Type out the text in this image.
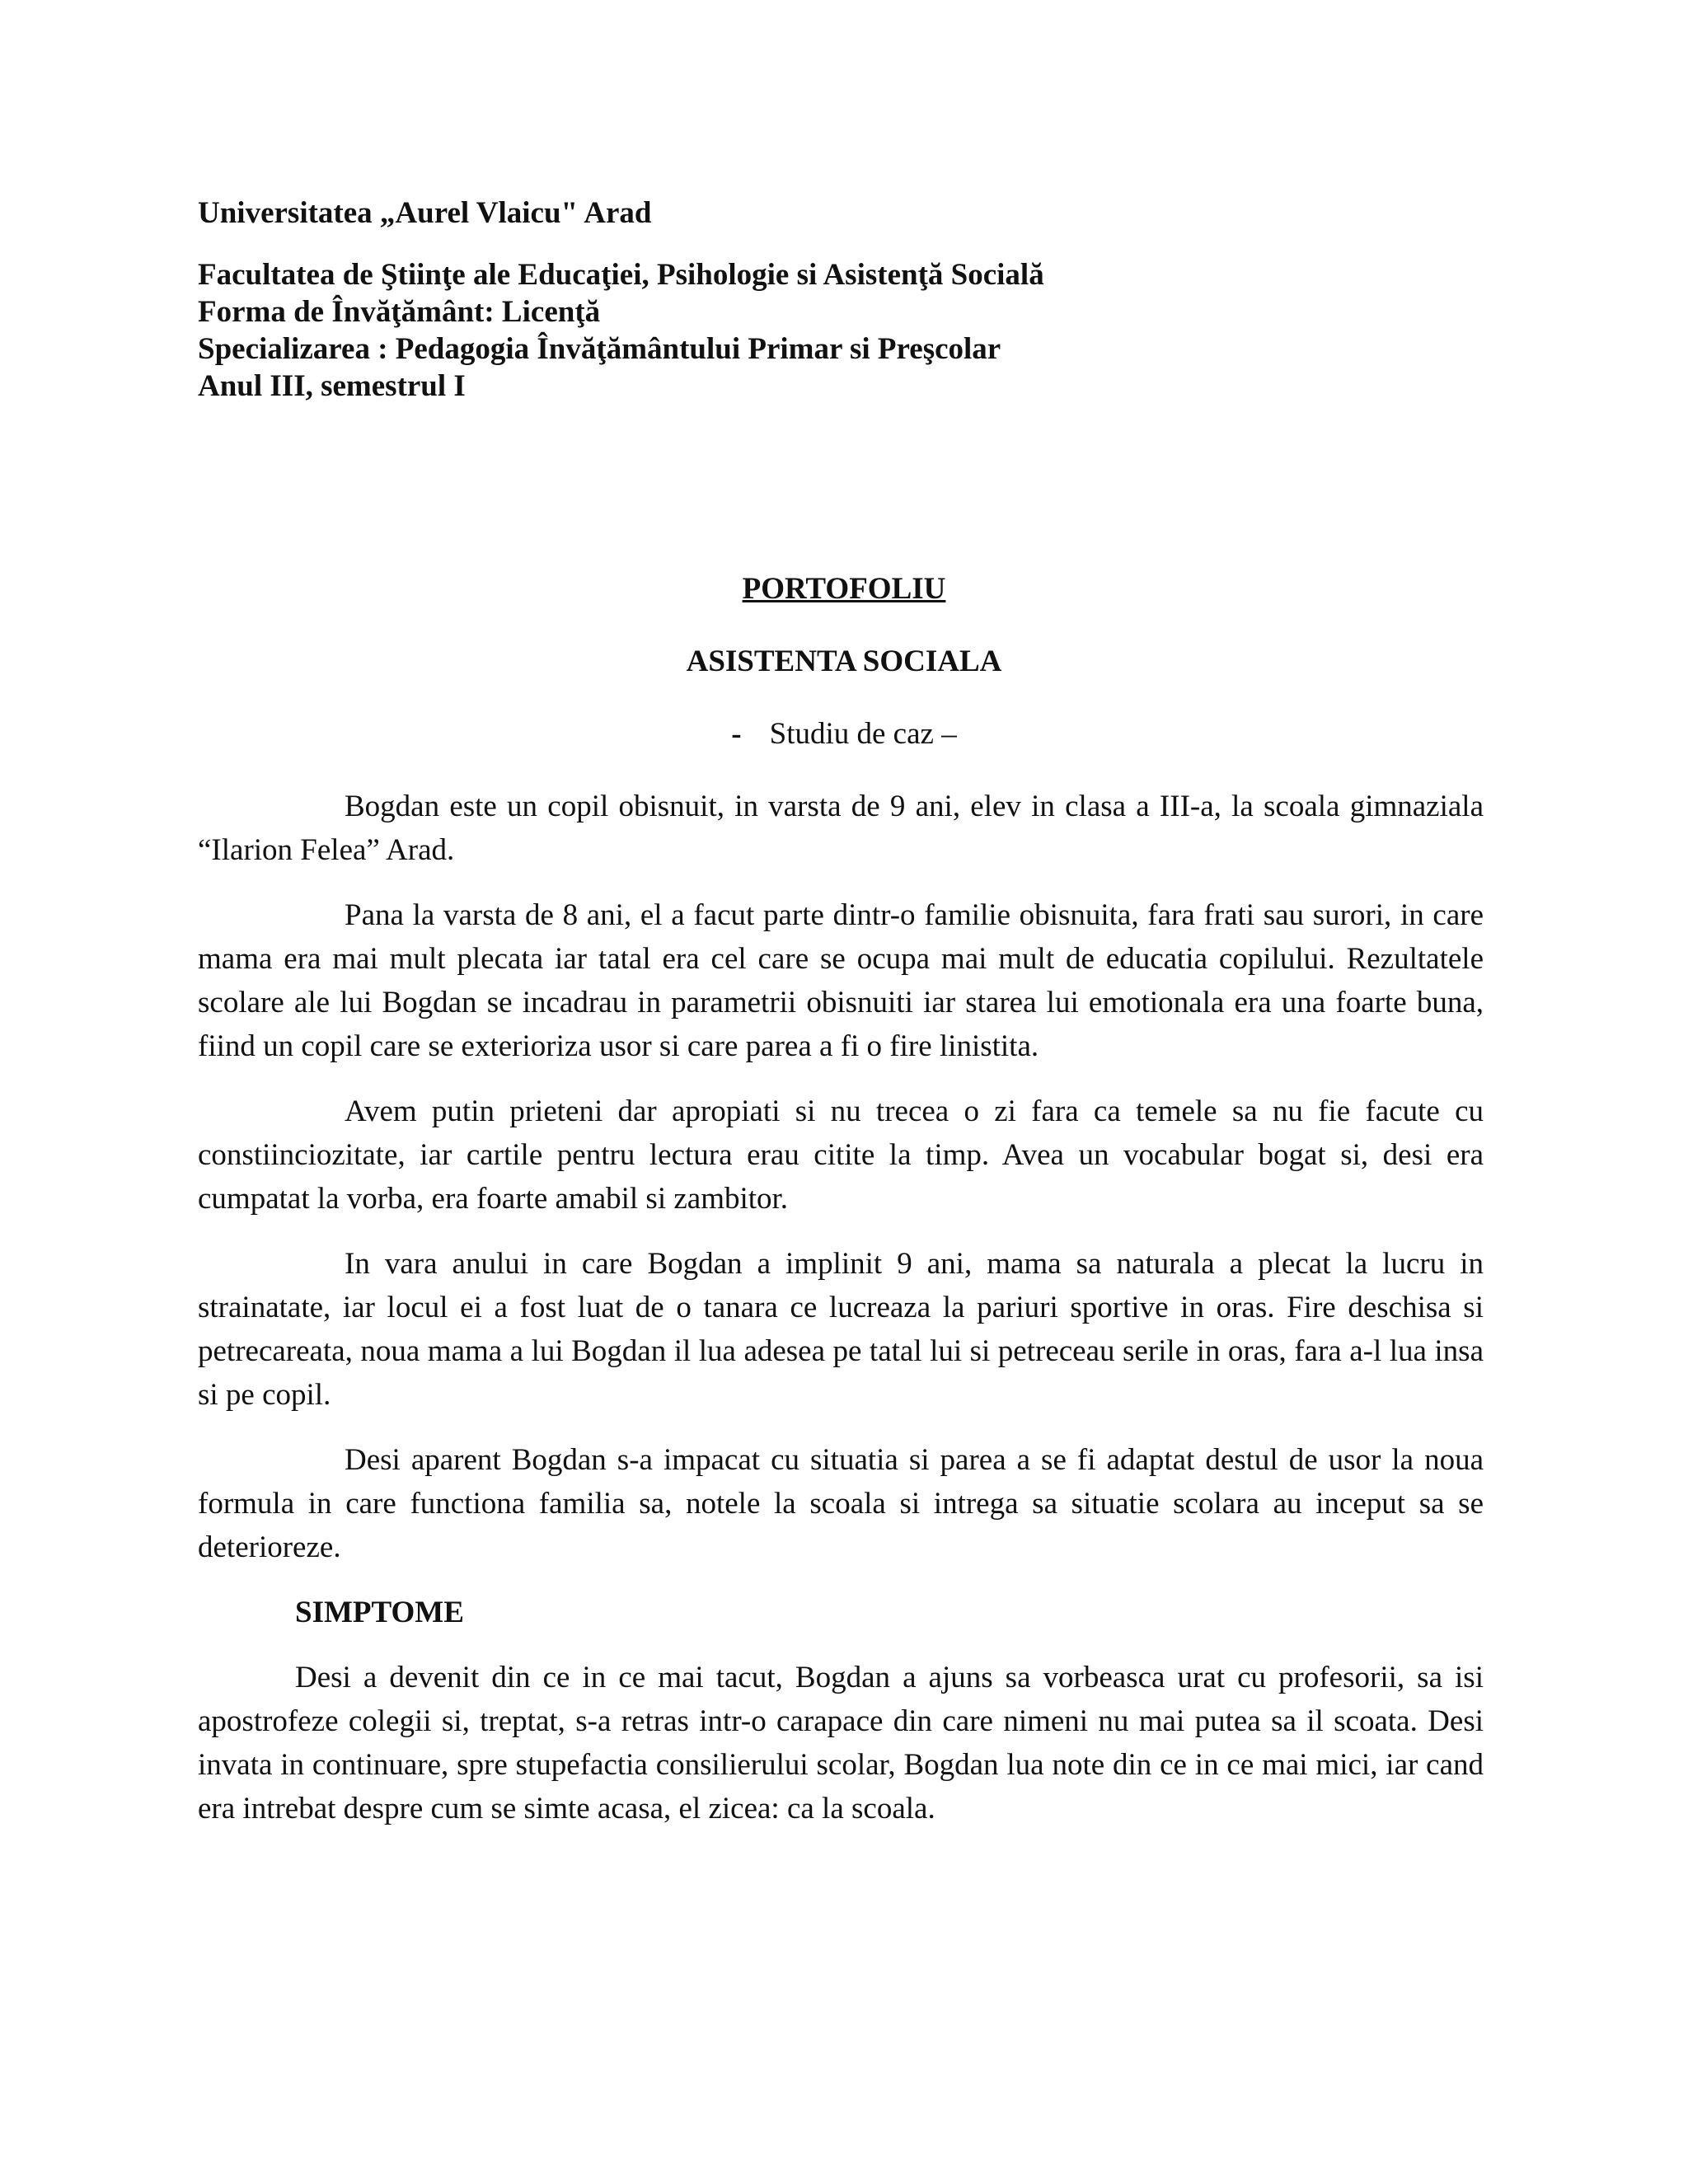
Universitatea „Aurel Vlaicu" Arad

Facultatea de Ştiinţe ale Educaţiei, Psihologie si Asistenţă Socială

Forma de Învăţământ: Licenţă

Specializarea : Pedagogia Învăţământului Primar si Preşcolar

Anul III, semestrul I

PORTOFOLIU

ASISTENTA SOCIALA

- Studiu de caz –

Bogdan este un copil obisnuit, in varsta de 9 ani, elev in clasa a III-a, la scoala gimnaziala “Ilarion Felea” Arad.

Pana la varsta de 8 ani, el a facut parte dintr-o familie obisnuita, fara frati sau surori, in care mama era mai mult plecata iar tatal era cel care se ocupa mai mult de educatia copilului. Rezultatele scolare ale lui Bogdan se incadrau in parametrii obisnuiti iar starea lui emotionala era una foarte buna, fiind un copil care se exterioriza usor si care parea a fi o fire linistita.

Avem putin prieteni dar apropiati si nu trecea o zi fara ca temele sa nu fie facute cu constiinciozitate, iar cartile pentru lectura erau citite la timp. Avea un vocabular bogat si, desi era cumpatat la vorba, era foarte amabil si zambitor.

In vara anului in care Bogdan a implinit 9 ani, mama sa naturala a plecat la lucru in strainatate, iar locul ei a fost luat de o tanara ce lucreaza la pariuri sportive in oras. Fire deschisa si petrecareata, noua mama a lui Bogdan il lua adesea pe tatal lui si petreceau serile in oras, fara a-l lua insa si pe copil.

Desi aparent Bogdan s-a impacat cu situatia si parea a se fi adaptat destul de usor la noua formula in care functiona familia sa, notele la scoala si intrega sa situatie scolara au inceput sa se deterioreze.

SIMPTOME

Desi a devenit din ce in ce mai tacut, Bogdan a ajuns sa vorbeasca urat cu profesorii, sa isi apostrofeze colegii si, treptat, s-a retras intr-o carapace din care nimeni nu mai putea sa il scoata. Desi invata in continuare, spre stupefactia consilierului scolar, Bogdan lua note din ce in ce mai mici, iar cand era intrebat despre cum se simte acasa, el zicea: ca la scoala.
